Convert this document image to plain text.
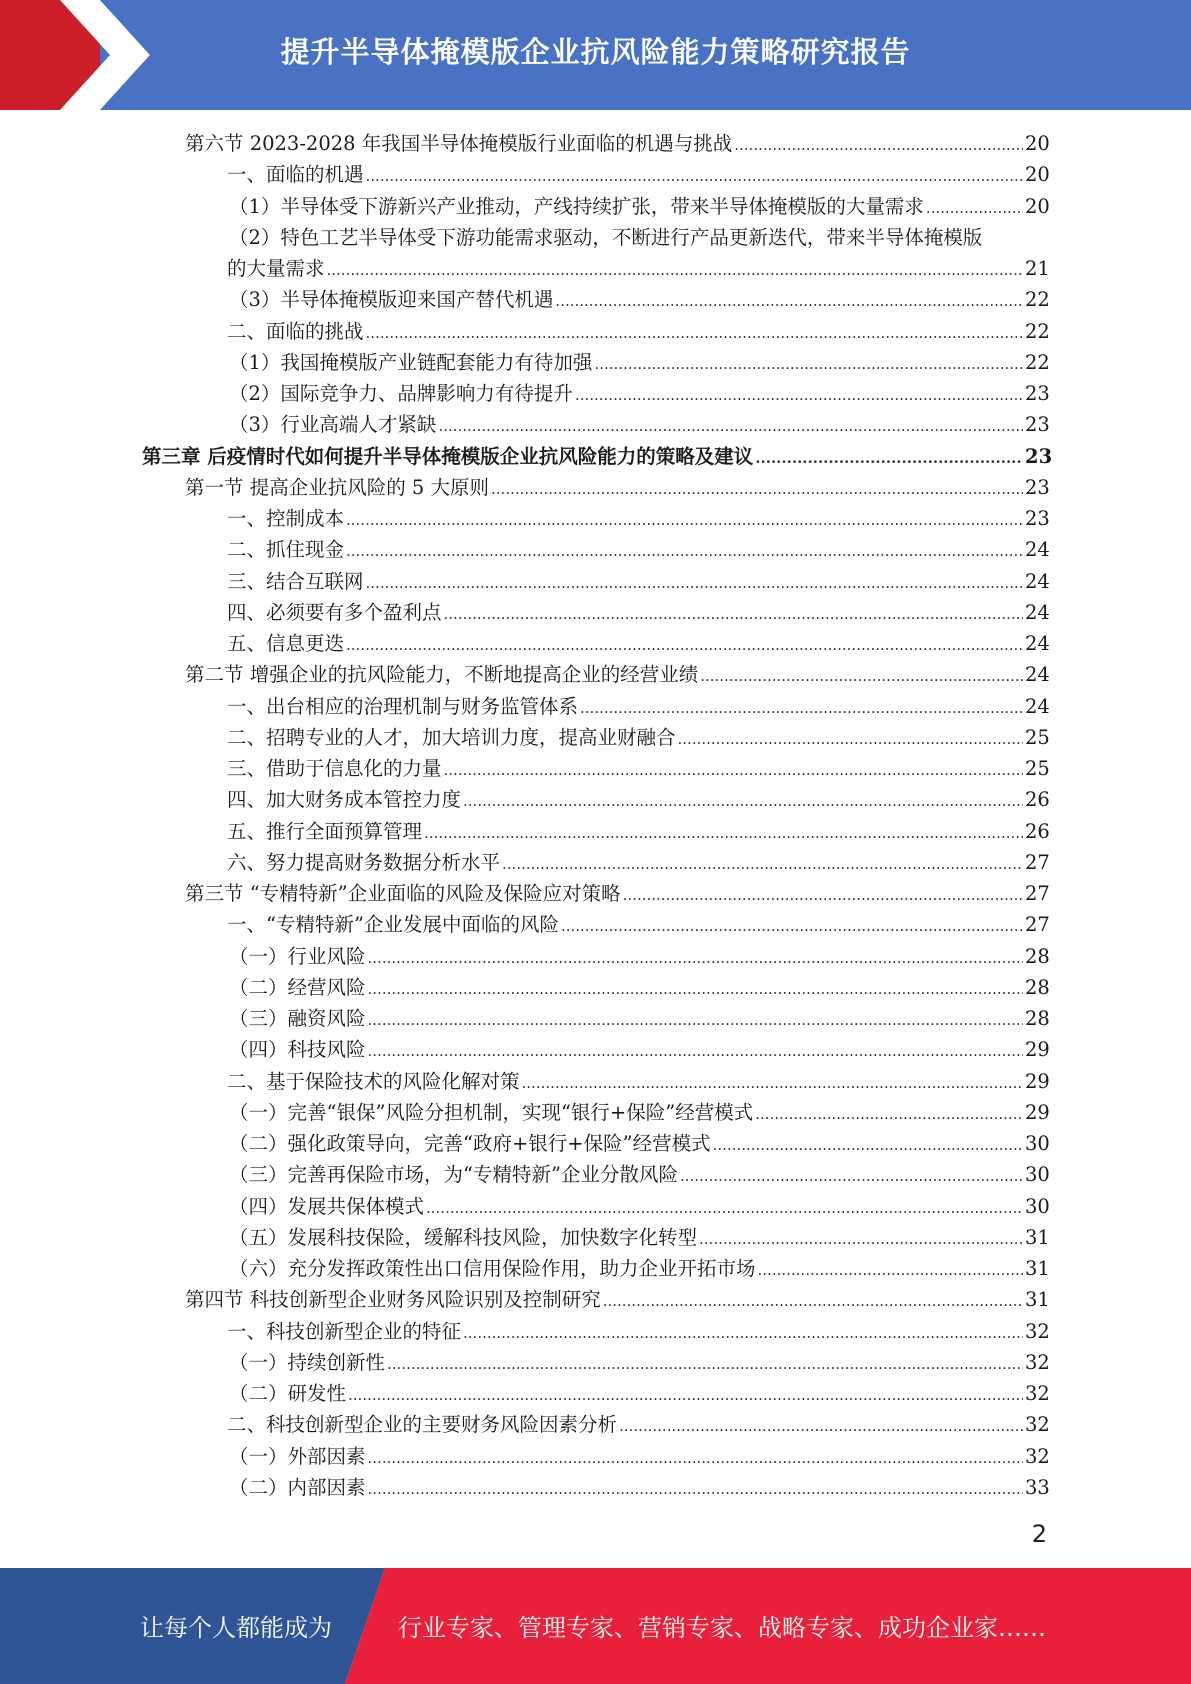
提升半导体掩模版企业抗风险能力策略研究报告
第六节 2023-2028 年我国半导体掩模版行业面临的机遇与挑战 .....	20
一、面临的机遇 .....	20
（1）半导体受下游新兴产业推动，产线持续扩张，带来半导体掩模版的大量需求 .....	20
（2）特色工艺半导体受下游功能需求驱动，不断进行产品更新迭代，带来半导体掩模版
的大量需求 .....	21
（3）半导体掩模版迎来国产替代机遇 .....	22
二、面临的挑战 .....	22
（1）我国掩模版产业链配套能力有待加强 .....	22
（2）国际竞争力、品牌影响力有待提升 .....	23
（3）行业高端人才紧缺 .....	23
第三章 后疫情时代如何提升半导体掩模版企业抗风险能力的策略及建议 .....	23
第一节 提高企业抗风险的 5 大原则 .....	23
一、控制成本 .....	23
二、抓住现金 .....	24
三、结合互联网 .....	24
四、必须要有多个盈利点 .....	24
五、信息更迭 .....	24
第二节 增强企业的抗风险能力，不断地提高企业的经营业绩 .....	24
一、出台相应的治理机制与财务监管体系 .....	24
二、招聘专业的人才，加大培训力度，提高业财融合 .....	25
三、借助于信息化的力量 .....	25
四、加大财务成本管控力度 .....	26
五、推行全面预算管理 .....	26
六、努力提高财务数据分析水平 .....	27
第三节 “专精特新”企业面临的风险及保险应对策略 .....	27
一、“专精特新”企业发展中面临的风险 .....	27
（一）行业风险 .....	28
（二）经营风险 .....	28
（三）融资风险 .....	28
（四）科技风险 .....	29
二、基于保险技术的风险化解对策 .....	29
（一）完善“银保”风险分担机制，实现“银行+保险”经营模式 .....	29
（二）强化政策导向，完善“政府+银行+保险”经营模式 .....	30
（三）完善再保险市场，为“专精特新”企业分散风险 .....	30
（四）发展共保体模式 .....	30
（五）发展科技保险，缓解科技风险，加快数字化转型 .....	31
（六）充分发挥政策性出口信用保险作用，助力企业开拓市场 .....	31
第四节 科技创新型企业财务风险识别及控制研究 .....	31
一、科技创新型企业的特征 .....	32
（一）持续创新性 .....	32
（二）研发性 .....	32
二、科技创新型企业的主要财务风险因素分析 .....	32
（一）外部因素 .....	32
（二）内部因素 .....	33
2
让每个人都能成为	行业专家、管理专家、营销专家、战略专家、成功企业家……
